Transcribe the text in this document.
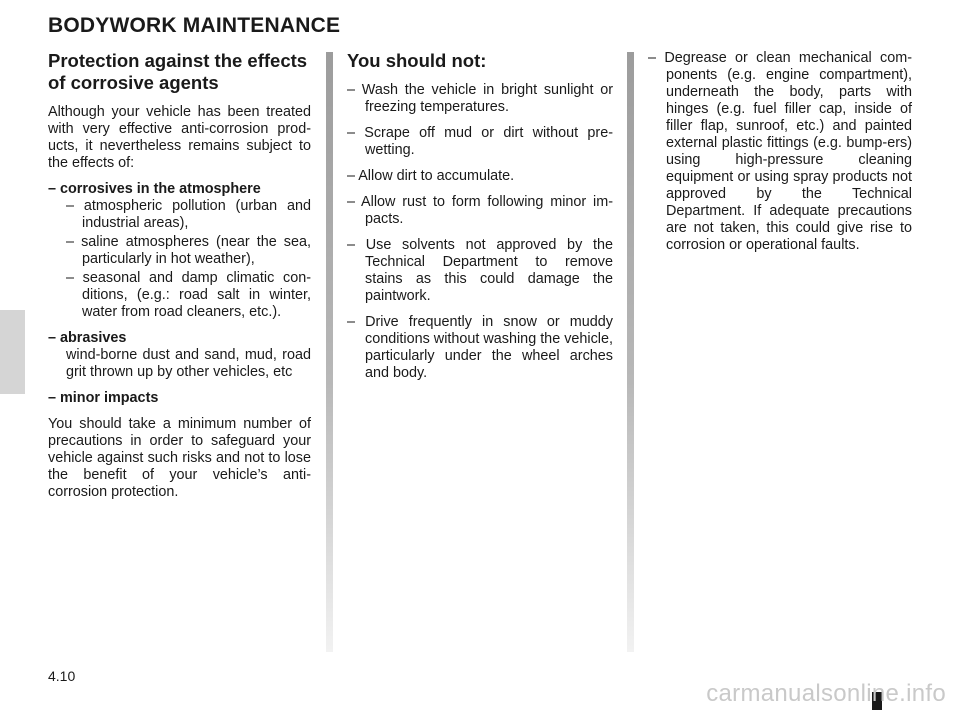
BODYWORK MAINTENANCE
Protection against the effects of corrosive agents

Although your vehicle has been treated with very effective anti-corrosion prod-ucts, it nevertheless remains subject to the effects of:

– corrosives in the atmosphere
– atmospheric pollution (urban and industrial areas),
– saline atmospheres (near the sea, particularly in hot weather),
– seasonal and damp climatic con-ditions, (e.g.: road salt in winter, water from road cleaners, etc.).
– abrasives
wind-borne dust and sand, mud, road grit thrown up by other vehicles, etc
– minor impacts

You should take a minimum number of precautions in order to safeguard your vehicle against such risks and not to lose the benefit of your vehicle’s anti-corrosion protection.

You should not:
– Wash the vehicle in bright sunlight or freezing temperatures.
– Scrape off mud or dirt without pre-wetting.
– Allow dirt to accumulate.
– Allow rust to form following minor im-pacts.
– Use solvents not approved by the Technical Department to remove stains as this could damage the paintwork.
– Drive frequently in snow or muddy conditions without washing the vehicle, particularly under the wheel arches and body.
– Degrease or clean mechanical com-ponents (e.g. engine compartment), underneath the body, parts with hinges (e.g. fuel filler cap, inside of filler flap, sunroof, etc.) and painted external plastic fittings (e.g. bump-ers) using high-pressure cleaning equipment or using spray products not approved by the Technical Department. If adequate precautions are not taken, this could give rise to corrosion or operational faults.
4.10
carmanualsonline.info
